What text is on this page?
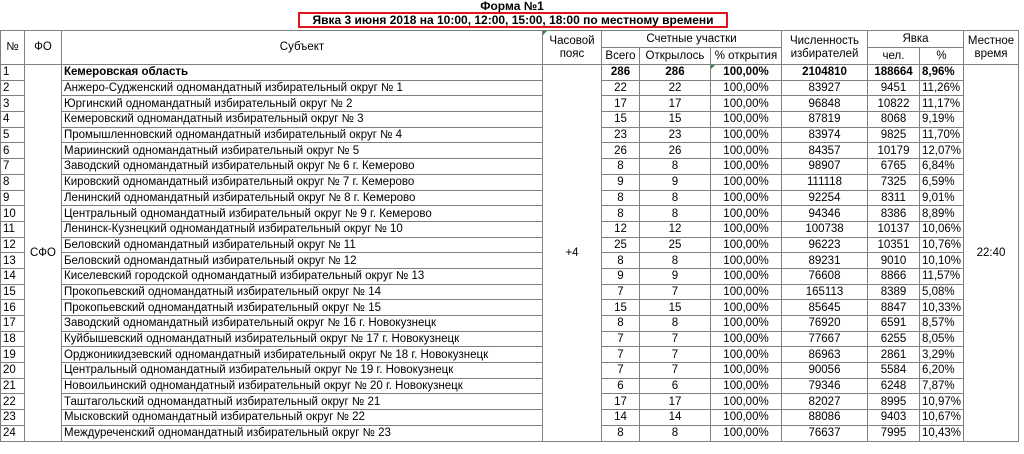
Форма №1
Явка 3 июня 2018 на 10:00, 12:00, 15:00, 18:00 по местному времени
№	ФО	Субъект	Часовой пояс	Счетные участки			Численность избирателей	Явка		Местное время
				Всего	Открылось	% открытия		чел.	%	
1	СФО	Кемеровская область	+4	286	286	100,00%	2104810	188664	8,96%	22:40
2		Анжеро-Судженский одномандатный избирательный округ № 1		22	22	100,00%	83927	9451	11,26%	
3		Юргинский одномандатный избирательный округ № 2		17	17	100,00%	96848	10822	11,17%	
4		Кемеровский одномандатный избирательный округ № 3		15	15	100,00%	87819	8068	9,19%	
5		Промышленновский одномандатный избирательный округ № 4		23	23	100,00%	83974	9825	11,70%	
6		Мариинский одномандатный избирательный округ № 5		26	26	100,00%	84357	10179	12,07%	
7		Заводский одномандатный избирательный округ № 6 г. Кемерово		8	8	100,00%	98907	6765	6,84%	
8		Кировский одномандатный избирательный округ № 7 г. Кемерово		9	9	100,00%	111118	7325	6,59%	
9		Ленинский одномандатный избирательный округ № 8 г. Кемерово		8	8	100,00%	92254	8311	9,01%	
10		Центральный одномандатный избирательный округ № 9 г. Кемерово		8	8	100,00%	94346	8386	8,89%	
11		Ленинск-Кузнецкий одномандатный избирательный округ № 10		12	12	100,00%	100738	10137	10,06%	
12		Беловский одномандатный избирательный округ № 11		25	25	100,00%	96223	10351	10,76%	
13		Беловский одномандатный избирательный округ № 12		8	8	100,00%	89231	9010	10,10%	
14		Киселевский городской одномандатный избирательный округ № 13		9	9	100,00%	76608	8866	11,57%	
15		Прокопьевский одномандатный избирательный округ № 14		7	7	100,00%	165113	8389	5,08%	
16		Прокопьевский одномандатный избирательный округ № 15		15	15	100,00%	85645	8847	10,33%	
17		Заводский одномандатный избирательный округ № 16 г. Новокузнецк		8	8	100,00%	76920	6591	8,57%	
18		Куйбышевский одномандатный избирательный округ № 17 г. Новокузнецк		7	7	100,00%	77667	6255	8,05%	
19		Орджоникидзевский одномандатный избирательный округ № 18 г. Новокузнецк		7	7	100,00%	86963	2861	3,29%	
20		Центральный одномандатный избирательный округ № 19 г. Новокузнецк		7	7	100,00%	90056	5584	6,20%	
21		Новоильинский одномандатный избирательный округ № 20 г. Новокузнецк		6	6	100,00%	79346	6248	7,87%	
22		Таштагольский одномандатный избирательный округ № 21		17	17	100,00%	82027	8995	10,97%	
23		Мысковский одномандатный избирательный округ № 22		14	14	100,00%	88086	9403	10,67%	
24		Междуреченский одномандатный избирательный округ № 23		8	8	100,00%	76637	7995	10,43%	
